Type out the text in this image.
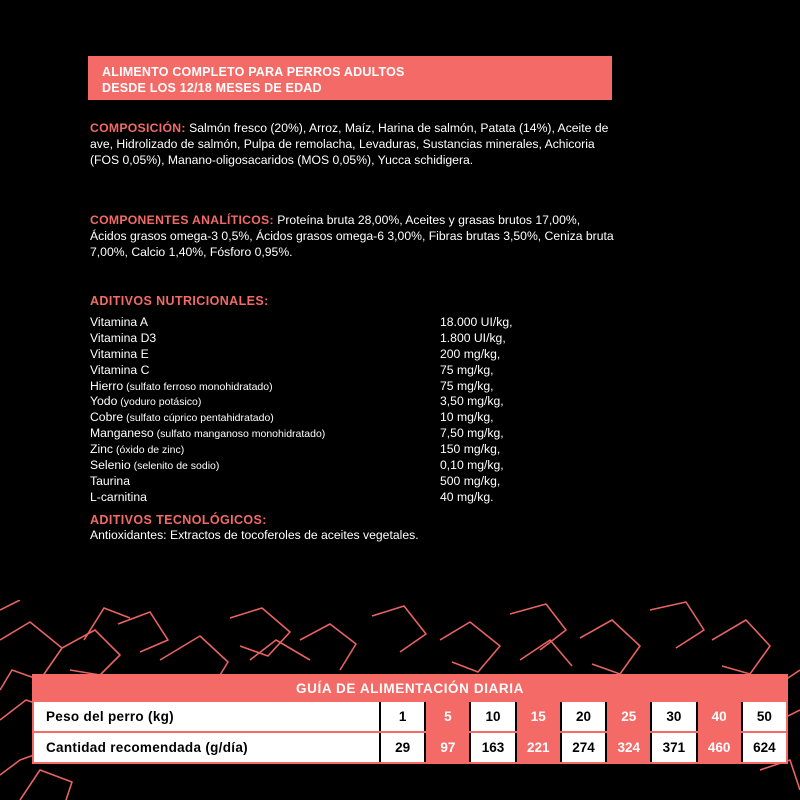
ALIMENTO COMPLETO PARA PERROS ADULTOS
DESDE LOS 12/18 MESES DE EDAD
COMPOSICIÓN: Salmón fresco (20%), Arroz, Maíz, Harina de salmón, Patata (14%), Aceite de ave, Hidrolizado de salmón, Pulpa de remolacha, Levaduras, Sustancias minerales, Achicoria (FOS 0,05%), Manano-oligosacaridos (MOS 0,05%), Yucca schidigera.
COMPONENTES ANALÍTICOS: Proteína bruta 28,00%, Aceites y grasas brutos 17,00%, Ácidos grasos omega-3 0,5%, Ácidos grasos omega-6 3,00%, Fibras brutas 3,50%, Ceniza bruta 7,00%, Calcio 1,40%, Fósforo 0,95%.
ADITIVOS NUTRICIONALES:
Vitamina A	18.000 UI/kg,
Vitamina D3	1.800 UI/kg,
Vitamina E	200 mg/kg,
Vitamina C	75 mg/kg,
Hierro (sulfato ferroso monohidratado)	75 mg/kg,
Yodo (yoduro potásico)	3,50 mg/kg,
Cobre (sulfato cúprico pentahidratado)	10 mg/kg,
Manganeso (sulfato manganoso monohidratado)	7,50 mg/kg,
Zinc (óxido de zinc)	150 mg/kg,
Selenio (selenito de sodio)	0,10 mg/kg,
Taurina	500 mg/kg,
L-carnitina	40 mg/kg.
ADITIVOS TECNOLÓGICOS:
Antioxidantes: Extractos de tocoferoles de aceites vegetales.
GUÍA DE ALIMENTACIÓN DIARIA
Peso del perro (kg)	1	5	10	15	20	25	30	40	50
Cantidad recomendada (g/día)	29	97	163	221	274	324	371	460	624
